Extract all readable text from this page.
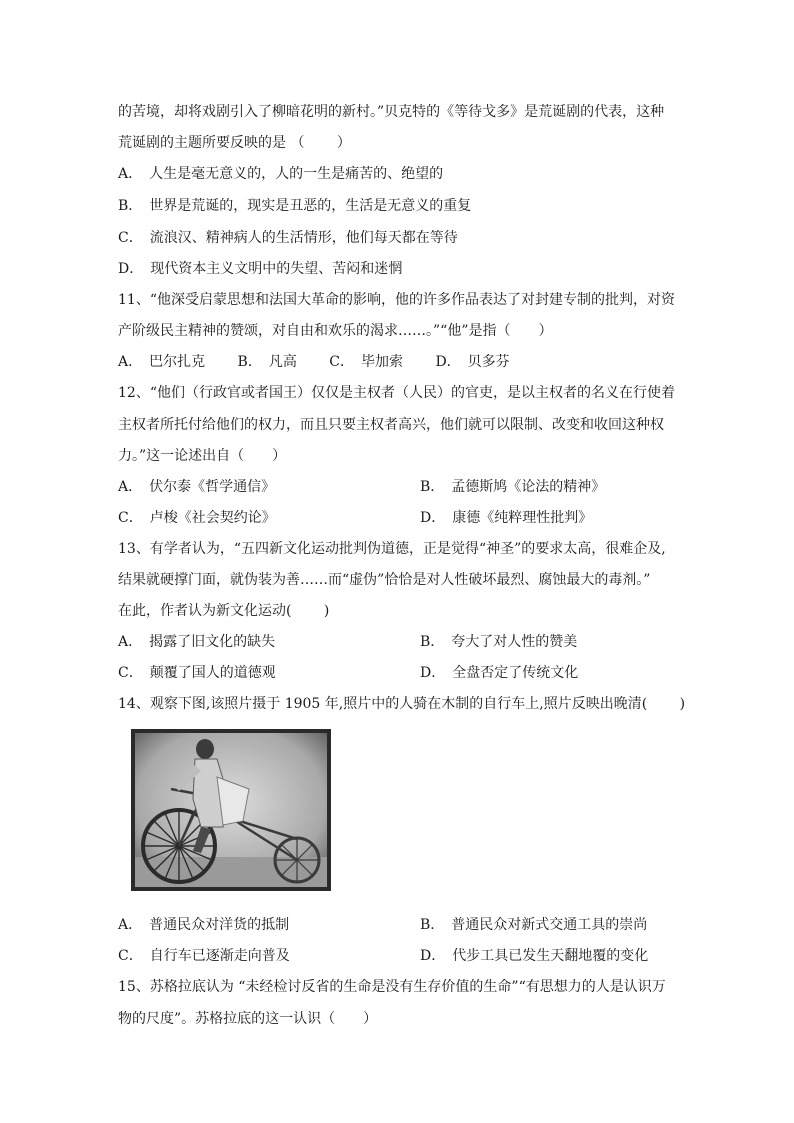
的苦境，却将戏剧引入了柳暗花明的新村。”贝克特的《等待戈多》是荒诞剧的代表，这种
荒诞剧的主题所要反映的是 （　　 ）
A．　人生是毫无意义的，人的一生是痛苦的、绝望的
B．　世界是荒诞的，现实是丑恶的，生活是无意义的重复
C．　流浪汉、精神病人的生活情形，他们每天都在等待
D．　现代资本主义文明中的失望、苦闷和迷惘
11、“他深受启蒙思想和法国大革命的影响，他的许多作品表达了对封建专制的批判，对资
产阶级民主精神的赞颂，对自由和欢乐的渴求……。”“他”是指（　　）
A．　巴尔扎克　　 B．　凡高　　 C．　毕加索　　 D．　贝多芬
12、“他们（行政官或者国王）仅仅是主权者（人民）的官吏，是以主权者的名义在行使着
主权者所托付给他们的权力，而且只要主权者高兴，他们就可以限制、改变和收回这种权
力。”这一论述出自（　　）
A．　伏尔泰《哲学通信》	B．　孟德斯鸠《论法的精神》
C．　卢梭《社会契约论》	D．　康德《纯粹理性批判》
13、有学者认为，“五四新文化运动批判伪道德，正是觉得“神圣”的要求太高，很难企及,
结果就硬撑门面，就伪装为善……而“虚伪”恰恰是对人性破坏最烈、腐蚀最大的毒剂。”
在此，作者认为新文化运动(　　 )
A．　揭露了旧文化的缺失	B．　夸大了对人性的赞美
C．　颠覆了国人的道德观	D．　全盘否定了传统文化
14、观察下图,该照片摄于 1905 年,照片中的人骑在木制的自行车上,照片反映出晚清(　　 )
A．　普通民众对洋货的抵制	B．　普通民众对新式交通工具的崇尚
C．　自行车已逐渐走向普及	D．　代步工具已发生天翻地覆的变化
15、苏格拉底认为 “未经检讨反省的生命是没有生存价值的生命”“有思想力的人是认识万
物的尺度”。苏格拉底的这一认识（　　）
